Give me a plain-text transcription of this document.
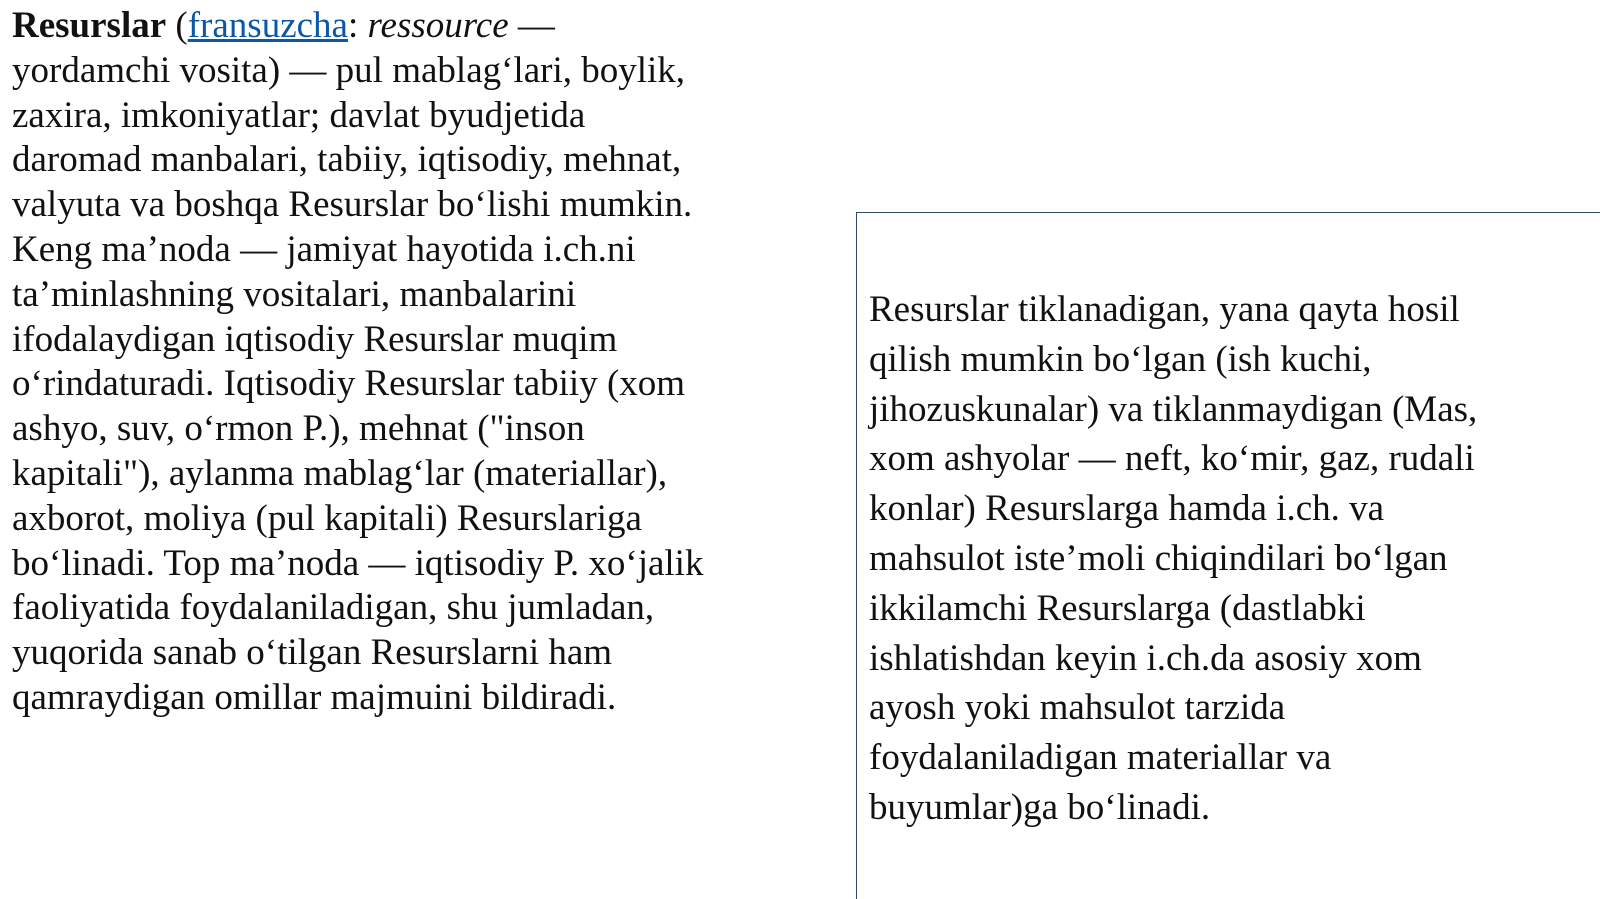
Resurslar (fransuzcha: ressource —
yordamchi vosita) — pul mablag‘lari, boylik,
zaxira, imkoniyatlar; davlat byudjetida
daromad manbalari, tabiiy, iqtisodiy, mehnat,
valyuta va boshqa Resurslar bo‘lishi mumkin.
Keng ma’noda — jamiyat hayotida i.ch.ni
ta’minlashning vositalari, manbalarini
ifodalaydigan iqtisodiy Resurslar muqim
o‘rindaturadi. Iqtisodiy Resurslar tabiiy (xom
ashyo, suv, o‘rmon P.), mehnat ("inson
kapitali"), aylanma mablag‘lar (materiallar),
axborot, moliya (pul kapitali) Resurslariga
bo‘linadi. Top ma’noda — iqtisodiy P. xo‘jalik
faoliyatida foydalaniladigan, shu jumladan,
yuqorida sanab o‘tilgan Resurslarni ham
qamraydigan omillar majmuini bildiradi.
Resurslar tiklanadigan, yana qayta hosil
qilish mumkin bo‘lgan (ish kuchi,
jihozuskunalar) va tiklanmaydigan (Mas,
xom ashyolar — neft, ko‘mir, gaz, rudali
konlar) Resurslarga hamda i.ch. va
mahsulot iste’moli chiqindilari bo‘lgan
ikkilamchi Resurslarga (dastlabki
ishlatishdan keyin i.ch.da asosiy xom
ayosh yoki mahsulot tarzida
foydalaniladigan materiallar va
buyumlar)ga bo‘linadi.
